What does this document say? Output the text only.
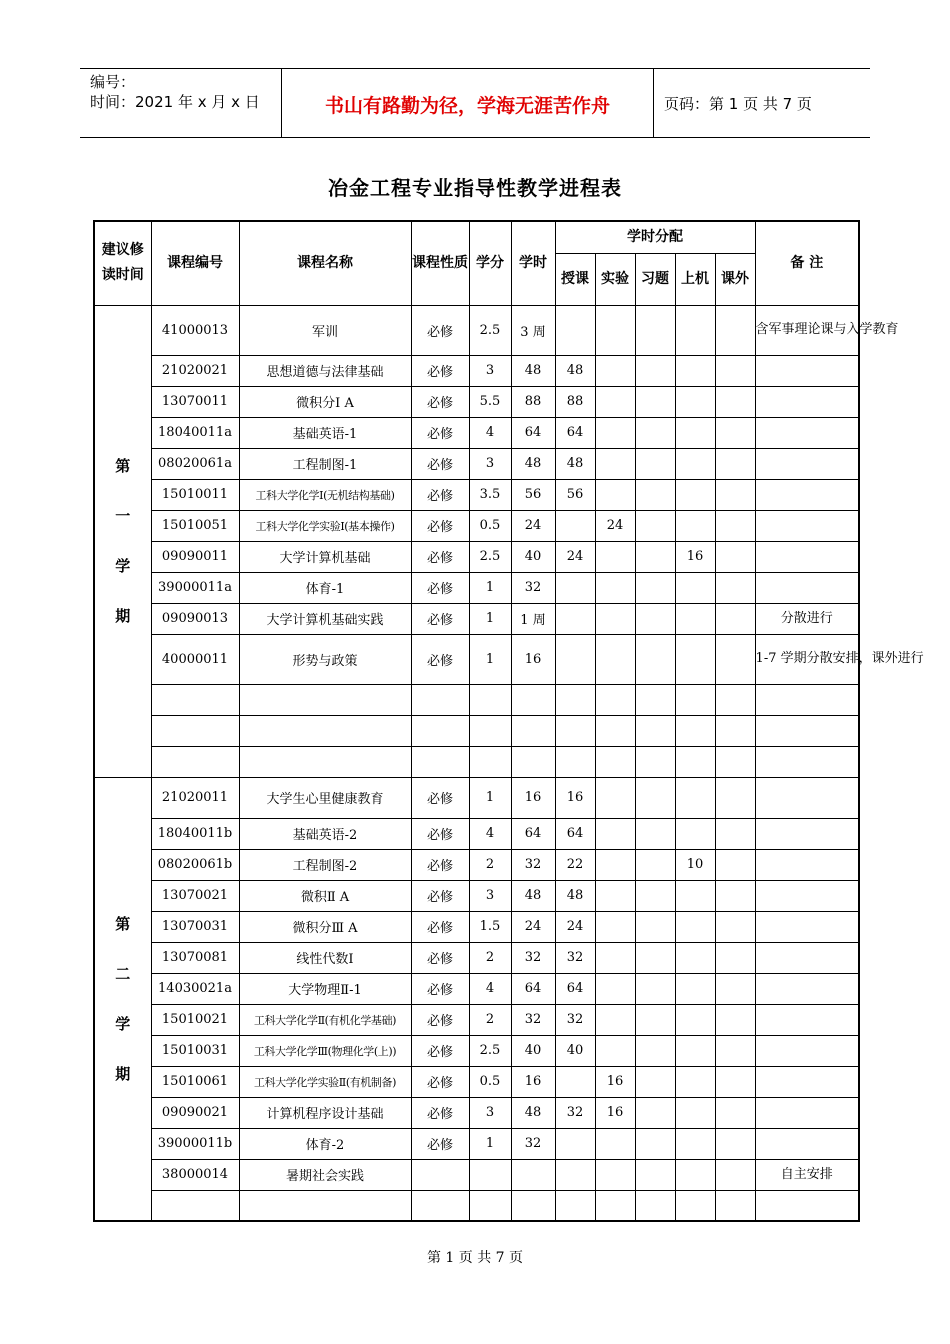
编号：
时间：2021 年 x 月 x 日	书山有路勤为径，学海无涯苦作舟	页码：第 1 页 共 7 页
冶金工程专业指导性教学进程表
建议修读时间	课程编号	课程名称	课程性质	学分	学时	学时分配					备 注
						授课	实验	习题	上机	课外	

第
一
学
期	41000013	军训	必修	2.5	3 周						含军事理论课与入学教育
	21020021	思想道德与法律基础	必修	3	48	48					
	13070011	微积分Ⅰ A	必修	5.5	88	88					
	18040011a	基础英语-1	必修	4	64	64					
	08020061a	工程制图-1	必修	3	48	48					
	15010011	工科大学化学Ⅰ(无机结构基础)	必修	3.5	56	56					
	15010051	工科大学化学实验Ⅰ(基本操作)	必修	0.5	24		24				
	09090011	大学计算机基础	必修	2.5	40	24			16		
	39000011a	体育-1	必修	1	32						
	09090013	大学计算机基础实践	必修	1	1 周						分散进行
	40000011	形势与政策	必修	1	16						1-7 学期分散安排，课外进行

第
二
学
期	21020011	大学生心里健康教育	必修	1	16	16					
	18040011b	基础英语-2	必修	4	64	64					
	08020061b	工程制图-2	必修	2	32	22			10		
	13070021	微积Ⅱ A	必修	3	48	48					
	13070031	微积分Ⅲ A	必修	1.5	24	24					
	13070081	线性代数Ⅰ	必修	2	32	32					
	14030021a	大学物理Ⅱ-1	必修	4	64	64					
	15010021	工科大学化学Ⅱ(有机化学基础)	必修	2	32	32					
	15010031	工科大学化学Ⅲ(物理化学(上))	必修	2.5	40	40					
	15010061	工科大学化学实验Ⅱ(有机制备)	必修	0.5	16		16				
	09090021	计算机程序设计基础	必修	3	48	32	16				
	39000011b	体育-2	必修	1	32						
	38000014	暑期社会实践									自主安排

第 1 页 共 7 页
